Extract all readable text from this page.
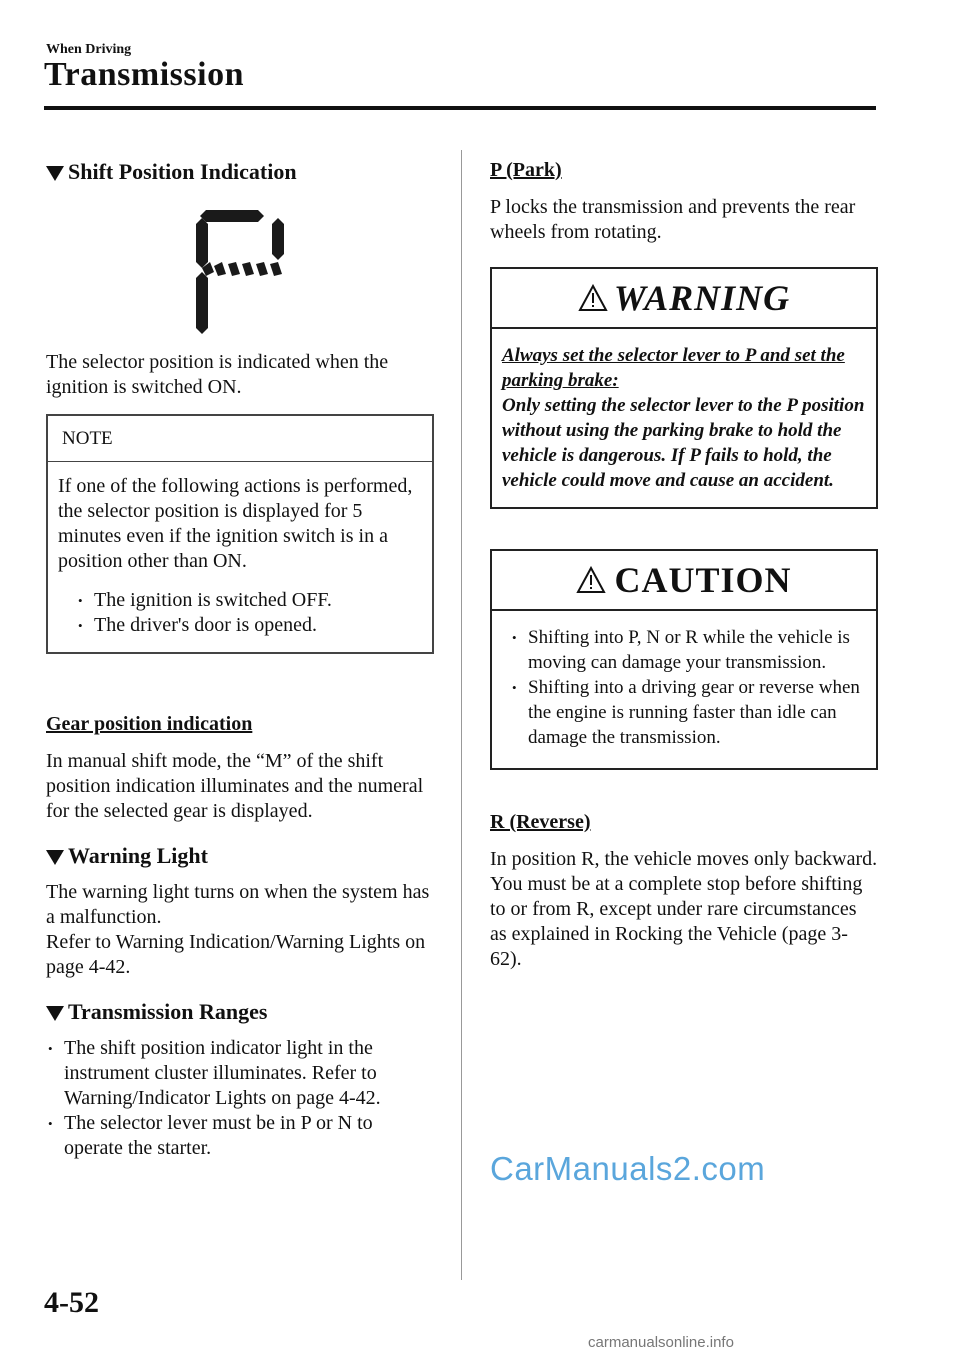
When Driving
Transmission
Shift Position Indication

The selector position is indicated when the ignition is switched ON.

NOTE

If one of the following actions is performed, the selector position is displayed for 5 minutes even if the ignition switch is in a position other than ON.

• The ignition is switched OFF.
• The driver's door is opened.

Gear position indication

In manual shift mode, the “M” of the shift position indication illuminates and the numeral for the selected gear is displayed.

Warning Light

The warning light turns on when the system has a malfunction.

Refer to Warning Indication/Warning Lights on page 4-42.

Transmission Ranges
• The shift position indicator light in the instrument cluster illuminates. Refer to Warning/Indicator Lights on page 4-42.
• The selector lever must be in P or N to operate the starter.

P (Park)

P locks the transmission and prevents the rear wheels from rotating.

WARNING

Always set the selector lever to P and set the parking brake:

Only setting the selector lever to the P position without using the parking brake to hold the vehicle is dangerous. If P fails to hold, the vehicle could move and cause an accident.

CAUTION
• Shifting into P, N or R while the vehicle is moving can damage your transmission.
• Shifting into a driving gear or reverse when the engine is running faster than idle can damage the transmission.

R (Reverse)

In position R, the vehicle moves only backward. You must be at a complete stop before shifting to or from R, except under rare circumstances as explained in Rocking the Vehicle (page 3-62).

CarManuals2.com
4-52
carmanualsonline.info
